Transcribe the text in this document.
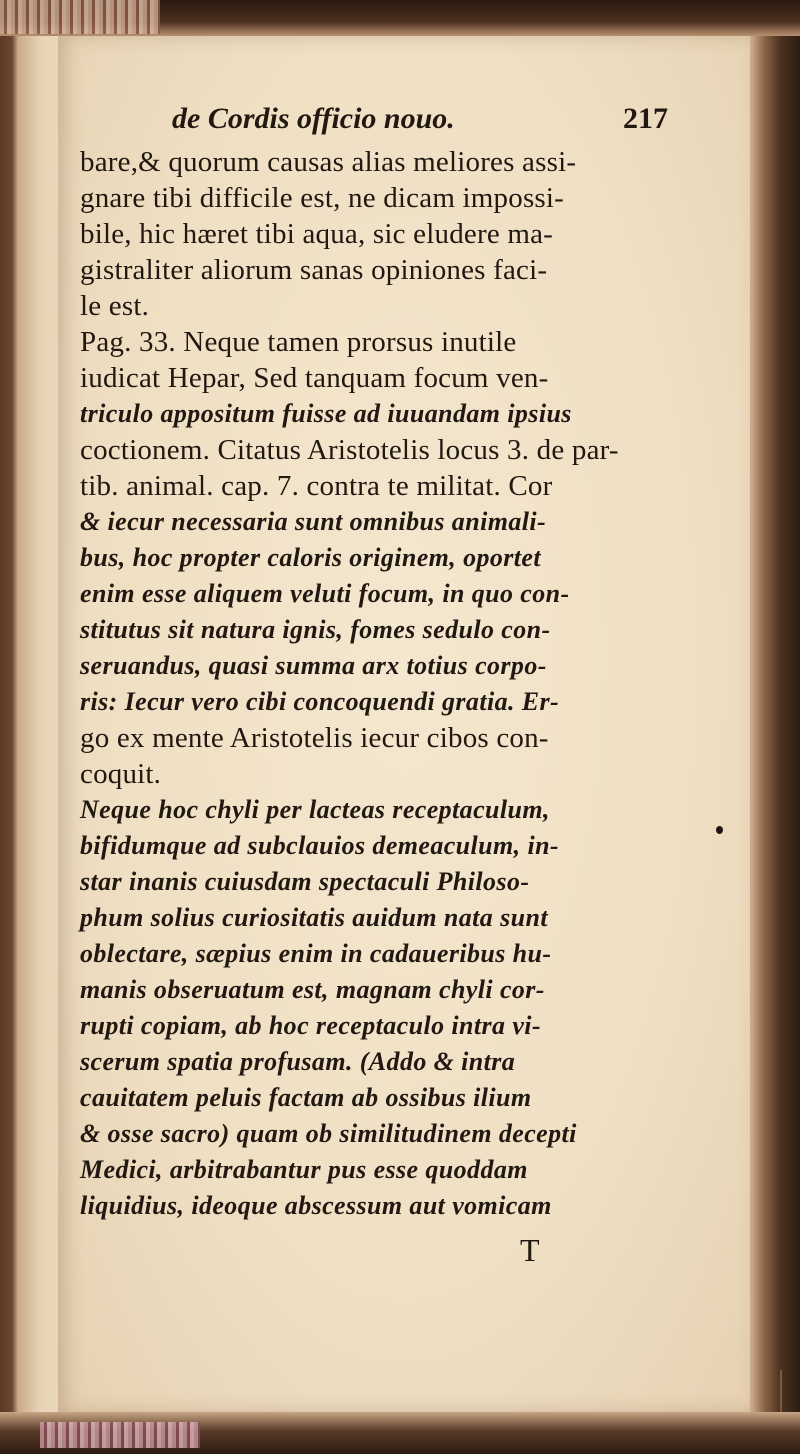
de Cordis officio nouo.	217
bare,& quorum causas alias meliores assi-
gnare tibi difficile est, ne dicam impossi-
bile, hic hæret tibi aqua, sic eludere ma-
gistraliter aliorum sanas opiniones faci-
le est.
Pag. 33. Neque tamen prorsus inutile
iudicat Hepar, Sed tanquam focum ven-
triculo appositum fuisse ad iuuandam ipsius
coctionem. Citatus Aristotelis locus 3. de par-
tib. animal. cap. 7. contra te militat. Cor
& iecur necessaria sunt omnibus animali-
bus, hoc propter caloris originem, oportet
enim esse aliquem veluti focum, in quo con-
stitutus sit natura ignis, fomes sedulo con-
seruandus, quasi summa arx totius corpo-
ris: Iecur vero cibi concoquendi gratia. Er-
go ex mente Aristotelis iecur cibos con-
coquit.
Neque hoc chyli per lacteas receptaculum,
bifidumque ad subclauios demeaculum, in-
star inanis cuiusdam spectaculi Philoso-
phum solius curiositatis auidum nata sunt
oblectare, sæpius enim in cadaueribus hu-
manis obseruatum est, magnam chyli cor-
rupti copiam, ab hoc receptaculo intra vi-
scerum spatia profusam. (Addo & intra
cauitatem peluis factam ab ossibus ilium
& osse sacro) quam ob similitudinem decepti
Medici, arbitrabantur pus esse quoddam
liquidius, ideoque abscessum aut vomicam
T
